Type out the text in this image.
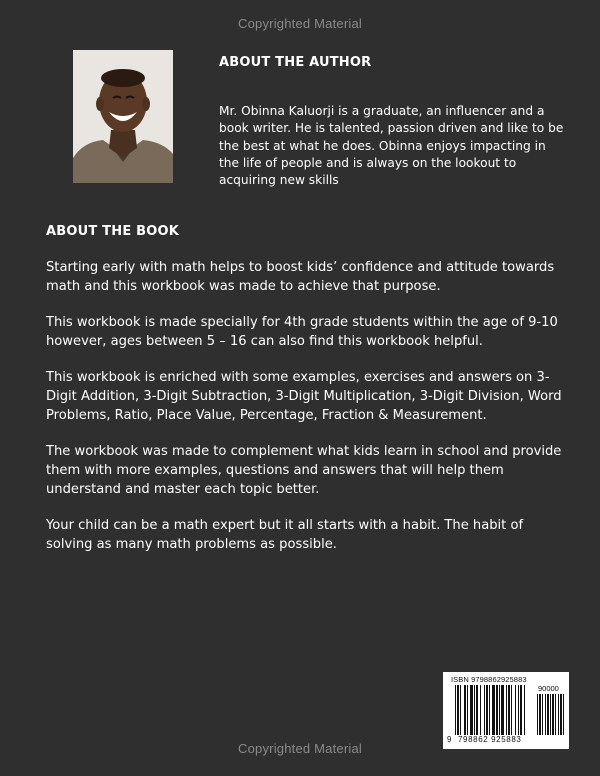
Copyrighted Material
ABOUT THE AUTHOR
Mr. Obinna Kaluorji is a graduate, an influencer and a book writer. He is talented, passion driven and like to be the best at what he does. Obinna enjoys impacting in the life of people and is always on the lookout to acquiring new skills
ABOUT THE BOOK

Starting early with math helps to boost kids’ confidence and attitude towards math and this workbook was made to achieve that purpose.

This workbook is made specially for 4th grade students within the age of 9-10 however, ages between 5 – 16 can also find this workbook helpful.

This workbook is enriched with some examples, exercises and answers on 3-Digit Addition, 3-Digit Subtraction, 3-Digit Multiplication, 3-Digit Division, Word Problems, Ratio, Place Value, Percentage, Fraction & Measurement.

The workbook was made to complement what kids learn in school and provide them with more examples, questions and answers that will help them understand and master each topic better.

Your child can be a math expert but it all starts with a habit. The habit of solving as many math problems as possible.

ISBN 9798862925883
90000
9 798862 925883
Copyrighted Material
